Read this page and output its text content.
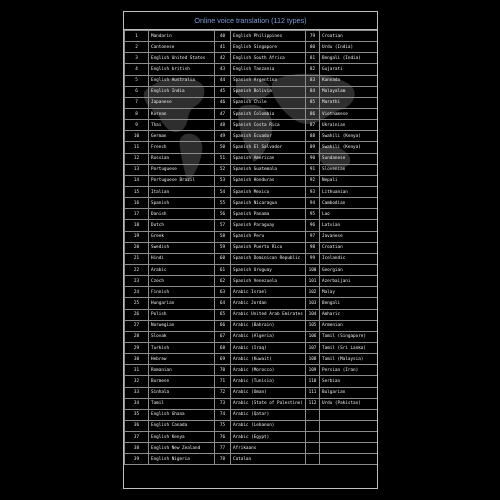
Online voice translation (112 types)
1	Mandarin	40	English Philippines	79	Croatian
2	Cantonese	41	English Singapore	80	Urdu (India)
3	English United States	42	English South Africa	81	Bengali (India)
4	English british	43	English Tanzania	82	Gujarati
5	English Australia	44	Spanish Argentina	83	Kannada
6	English India	45	Spanish Bolivia	84	Malayalam
7	Japanese	46	Spanish Chile	85	Marathi
8	Korean	47	Spanish Colombia	86	Vietnamese
9	Thai	48	Spanish Costa Rica	87	Ukrainian
10	German	49	Spanish Ecuador	88	Swahili (Kenya)
11	French	50	Spanish El Salvador	89	Swahili (Kenya)
12	Russian	51	Spanish American	90	Sundanese
13	Portuguese	52	Spanish Guatemala	91	Slovenian
14	Portuguese Brazil	53	Spanish Honduras	92	Nepali
15	Italian	54	Spanish Mexico	93	Lithuanian
16	Spanish	55	Spanish Nicaragua	94	Cambodian
17	Danish	56	Spanish Panama	95	Lao
18	Dutch	57	Spanish Paraguay	96	Latvian
19	Greek	58	Spanish Peru	97	Javanese
20	Swedish	59	Spanish Puerto Rico	98	Croatian
21	Hindi	60	Spanish Dominican Republic	99	Icelandic
22	Arabic	61	Spanish Uruguay	100	Georgian
23	Czech	62	Spanish Venezuela	101	Azerbaijani
24	Finnish	63	Arabic Israel	102	Malay
25	Hungarian	64	Arabic Jordan	103	Bengali
26	Polish	65	Arabic United Arab Emirates	104	Amharic
27	Norwegian	66	Arabic (Bahrain)	105	Armenian
28	Slovak	67	Arabic (Algeria)	106	Tamil (Singapore)
29	Turkish	68	Arabic (Iraq)	107	Tamil (Sri Lanka)
30	Hebrew	69	Arabic (Kuwait)	108	Tamil (Malaysia)
31	Romanian	70	Arabic (Morocco)	109	Persian (Iran)
32	Burmese	71	Arabic (Tunisia)	110	Serbian
33	Sinhala	72	Arabic (Oman)	111	Bulgarian
34	Tamil	73	Arabic (State of Palestine)	112	Urdu (Pakistan)
35	English Ghana	74	Arabic (Qatar)		
36	English Canada	75	Arabic (Lebanon)		
37	English Kenya	76	Arabic (Egypt)		
38	English New Zealand	77	Afrikaans		
39	English Nigeria	78	Catalan		
